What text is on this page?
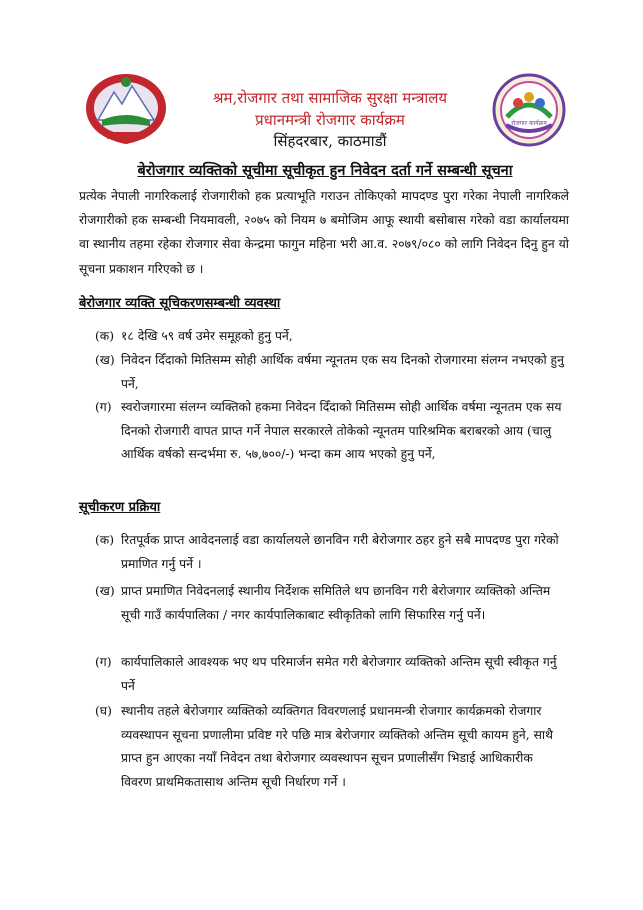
रोजगार कार्यक्रम
श्रम,रोजगार तथा सामाजिक सुरक्षा मन्त्रालय
प्रधानमन्त्री रोजगार कार्यक्रम
सिंहदरबार, काठमाडौं
बेरोजगार व्यक्तिको सूचीमा सूचीकृत हुन निवेदन दर्ता गर्ने सम्बन्धी सूचना
प्रत्येक नेपाली नागरिकलाई रोजगारीको हक प्रत्याभूति गराउन तोकिएको मापदण्ड पुरा गरेका नेपाली नागरिकले रोजगारीको हक सम्बन्धी नियमावली, २०७५ को नियम ७ बमोजिम आफू स्थायी बसोबास गरेको वडा कार्यालयमा वा स्थानीय तहमा रहेका रोजगार सेवा केन्द्रमा फागुन महिना भरी आ.व. २०७९/०८० को लागि निवेदन दिनु हुन यो सूचना प्रकाशन गरिएको छ ।
बेरोजगार व्यक्ति सूचिकरणसम्बन्धी व्यवस्था
(क) १८ देखि ५९ वर्ष उमेर समूहको हुनु पर्ने,
(ख) निवेदन दिँदाको मितिसम्म सोही आर्थिक वर्षमा न्यूनतम एक सय दिनको रोजगारमा संलग्न नभएको हुनु पर्ने,
(ग) स्वरोजगारमा संलग्न व्यक्तिको हकमा निवेदन दिँदाको मितिसम्म सोही आर्थिक वर्षमा न्यूनतम एक सय दिनको रोजगारी वापत प्राप्त गर्ने नेपाल सरकारले तोकेको न्यूनतम पारिश्रमिक बराबरको आय (चालु आर्थिक वर्षको सन्दर्भमा रु. ५७,७००/-) भन्दा कम आय भएको हुनु पर्ने,
सूचीकरण प्रक्रिया
(क) रितपूर्वक प्राप्त आवेदनलाई वडा कार्यालयले छानविन गरी बेरोजगार ठहर हुने सबै मापदण्ड पुरा गरेको प्रमाणित गर्नु पर्ने ।
(ख) प्राप्त प्रमाणित निवेदनलाई स्थानीय निर्देशक समितिले थप छानविन गरी बेरोजगार व्यक्तिको अन्तिम सूची गाउँ कार्यपालिका / नगर कार्यपालिकाबाट स्वीकृतिको लागि सिफारिस गर्नु पर्ने।
(ग) कार्यपालिकाले आवश्यक भए थप परिमार्जन समेत गरी बेरोजगार व्यक्तिको अन्तिम सूची स्वीकृत गर्नु पर्ने
(घ) स्थानीय तहले बेरोजगार व्यक्तिको व्यक्तिगत विवरणलाई प्रधानमन्त्री रोजगार कार्यक्रमको रोजगार व्यवस्थापन सूचना प्रणालीमा प्रविष्ट गरे पछि मात्र बेरोजगार व्यक्तिको अन्तिम सूची कायम हुने, साथै प्राप्त हुन आएका नयाँ निवेदन तथा बेरोजगार व्यवस्थापन सूचन प्रणालीसँग भिडाई आधिकारीक विवरण प्राथमिकतासाथ अन्तिम सूची निर्धारण गर्ने ।
